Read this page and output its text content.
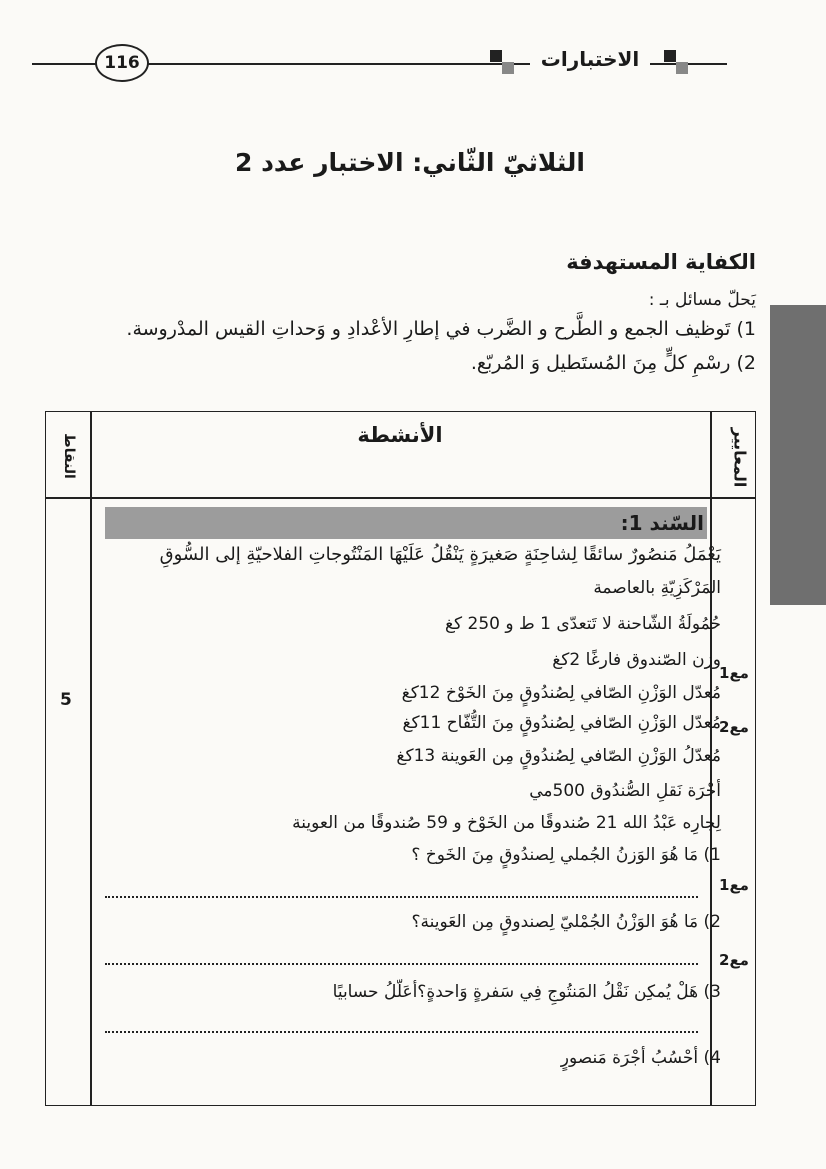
116	الاختبارات
الثلاثيّ الثّاني: الاختبار عدد 2
الكفاية المستهدفة
يَحلّ مسائل بـ :
1) تَوظيف الجمع و الطَّرح و الضَّرب في إطارِ الأعْدادِ و وَحداتِ القيس المدْروسة.
2) رسْمِ كلٍّ مِنَ المُستَطيل وَ المُربّع.
الأنشطة	المعايير
النقاط
السّند 1:
يَعْمَلُ مَنصُورٌ سائقًا لِشاحِنَةٍ صَغيرَةٍ يَنْقُلُ عَلَيْهَا المَنْتُوجاتِ الفلاحيّةِ إلى السُّوقِ
المَرْكَزِيّةِ بالعاصمة
حُمُولَةُ الشّاحنة لا تَتعدّى 1 ط و 250 كغ
وزن الصّندوق فارغًا 2كغ
مُعدّل الوَزْنِ الصّافي لِصُندُوقٍ مِنَ الخَوْخ 12كغ
مُعدّل الوَزْنِ الصّافي لِصُندُوقٍ مِنَ التُّفّاح 11كغ
مُعدّلُ الوَزْنِ الصّافي لِصُندُوقٍ مِن العَوينة 13كغ
أجْرَة نَقلِ الصُّندُوق 500مي
لِجارِه عَبْدُ الله 21 صُندوقًا من الخَوْخ و 59 صُندوقًا من العوينة
1) مَا هُوَ الوَزنُ الجُملي لِصندُوقٍ مِنَ الخَوخ ؟
2) مَا هُوَ الوَزْنُ الجُمْليّ لِصندوقٍ مِن العَوينة؟
3) هَلْ يُمكِن نَقْلُ المَنتُوجِ فِي سَفرةٍ وَاحدةٍ؟أعَلّلُ حسابيًا
4) أحْسُبُ أجْرَة مَنصورٍ
مع1
مع2
مع1
مع2
5
